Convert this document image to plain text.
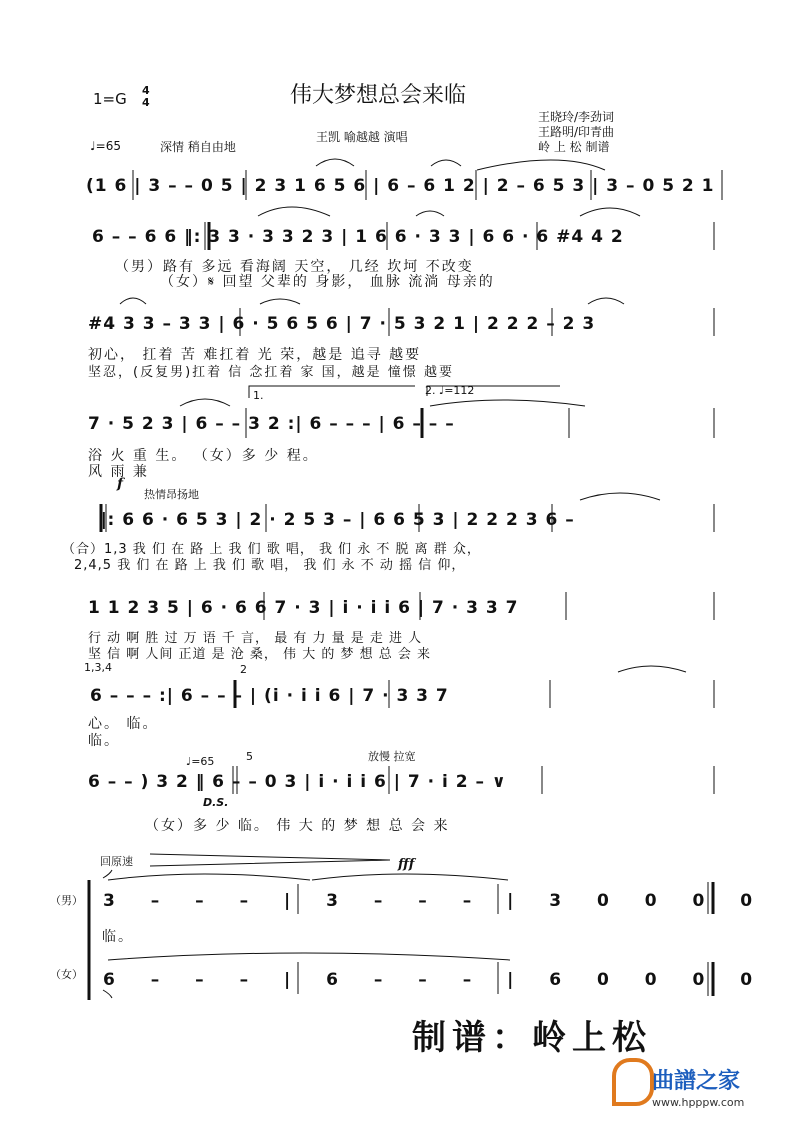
伟大梦想总会来临
1=G 4
4
♩=65	深情 稍自由地
王凯 喻越越 演唱
王晓玲/李劲词
王路明/印青曲
岭 上 松 制谱
(1 6 | 3 – – 0 5 | 2 3 1 6 5 6 | 6 – 6 1 2 | 2 – 6 5 3 | 3 – 0 5 2 1
6 – – 6 6 ‖: 3 3 · 3 3 2 3 | 1 6 6 · 3 3 | 6 6 · 6 #4 4 2
（男）路有 多远 看海阔 天空， 几经 坎坷 不改变
（女）𝄋 回望 父辈的 身影， 血脉 流淌 母亲的
#4 3 3 – 3 3 | 6 · 5 6 5 6 | 7 · 5 3 2 1 | 2 2 2 – 2 3
初心， 扛着 苦 难扛着 光 荣，越是 追寻 越要
坚忍，(反复男)扛着 信 念扛着 家 国，越是 憧憬 越要
1.	2. ♩=112
7 · 5 2 3 | 6 – – 3 2 :| 6 – – – | 6 – – –
浴 火 重 生。 （女）多 少 程。
风 雨 兼
f
热情昂扬地
‖: 6 6 · 6 5 3 | 2 · 2 5 3 – | 6 6 5 3 | 2 2 2 3 6 –
（合）1,3 我 们 在 路 上 我 们 歌 唱， 我 们 永 不 脱 离 群 众，
2,4,5 我 们 在 路 上 我 们 歌 唱， 我 们 永 不 动 摇 信 仰，
1 1 2 3 5 | 6 · 6 6 7 · 3 | i · i i 6 | 7 · 3 3 7
行 动 啊 胜 过 万 语 千 言， 最 有 力 量 是 走 进 人
坚 信 啊 人间 正道 是 沧 桑， 伟 大 的 梦 想 总 会 来
1,3,4	2
6 – – – :| 6 – – – | (i · i i 6 | 7 · 3 3 7
心。 临。
临。
♩=65	5	放慢 拉宽
6 – – ) 3 2 ‖ 6 – – 0 3 | i · i i 6 | 7 · i 2 – ∨
D.S.
（女）多 少 临。 伟 大 的 梦 想 总 会 来
回原速	fff
（男） 3 – – – | 3 – – – | 3 0 0 0 0
临。
（女） 6 – – – | 6 – – – | 6 0 0 0 0
制谱：岭上松
曲譜之家
www.hpppw.com
